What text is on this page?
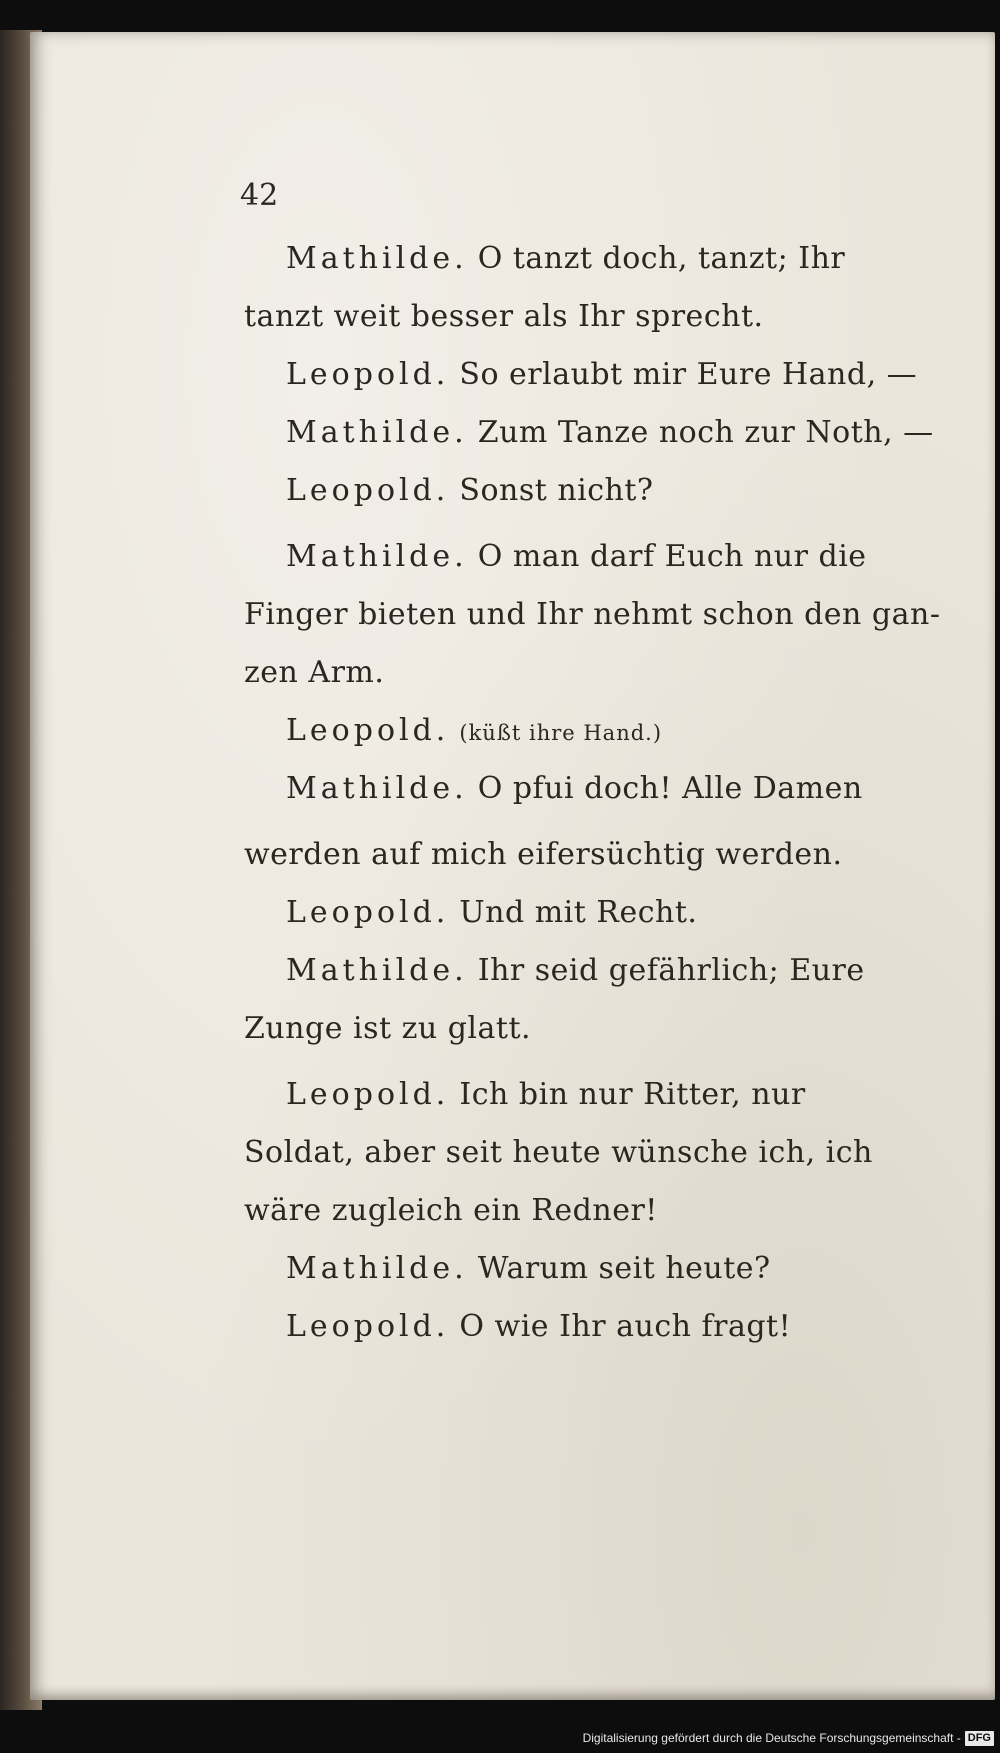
42
Mathilde. O tanzt doch, tanzt; Ihr
tanzt weit besser als Ihr sprecht.
Leopold. So erlaubt mir Eure Hand, —
Mathilde. Zum Tanze noch zur Noth, —
Leopold. Sonst nicht?
Mathilde. O man darf Euch nur die
Finger bieten und Ihr nehmt schon den gan-
zen Arm.
Leopold. (küßt ihre Hand.)
Mathilde. O pfui doch! Alle Damen
werden auf mich eifersüchtig werden.
Leopold. Und mit Recht.
Mathilde. Ihr seid gefährlich; Eure
Zunge ist zu glatt.
Leopold. Ich bin nur Ritter, nur
Soldat, aber seit heute wünsche ich, ich
wäre zugleich ein Redner!
Mathilde. Warum seit heute?
Leopold. O wie Ihr auch fragt!
Digitalisierung gefördert durch die Deutsche Forschungsgemeinschaft - DFG
